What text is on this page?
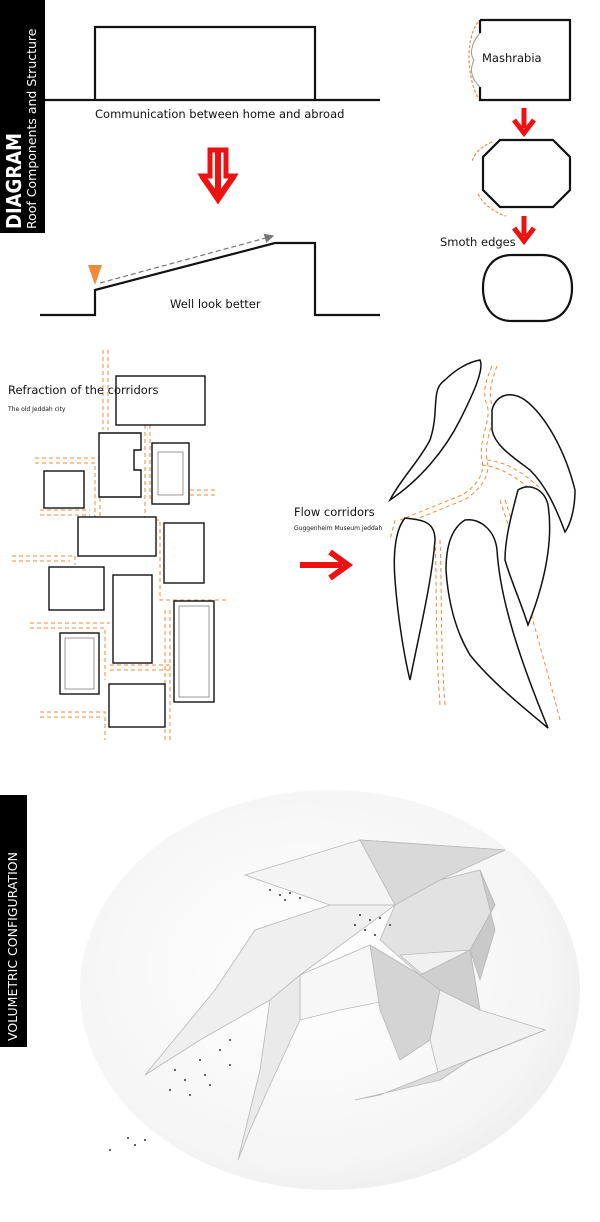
DIAGRAM
Roof Components and Structure
VOLUMETRIC CONFIGURATION
Communication between home and abroad
Well look better
Mashrabia
Smoth edges
Refraction of the corridors
The old Jeddah city
Flow corridors
Guggenheim Museum jeddah
